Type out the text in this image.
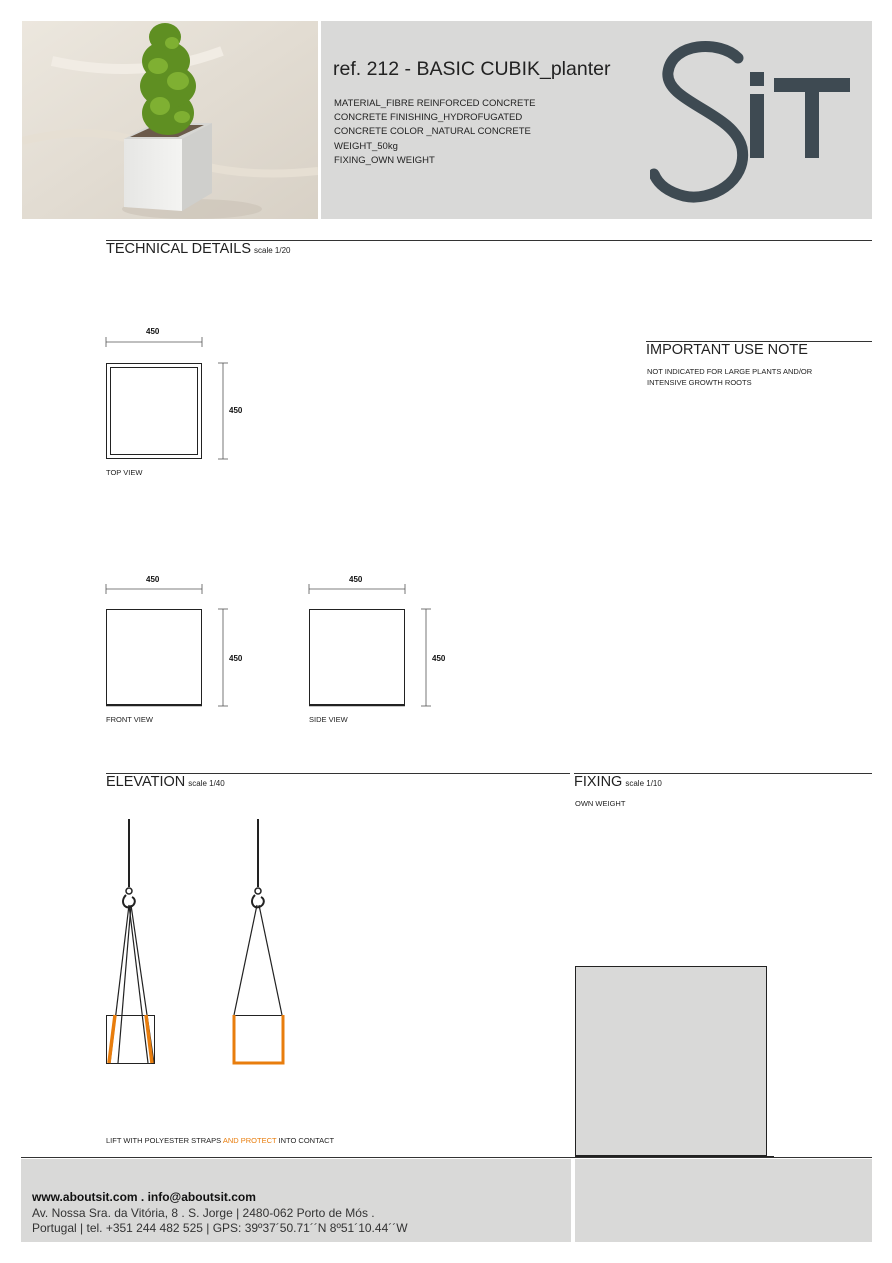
ref. 212 - BASIC CUBIK_planter
MATERIAL_FIBRE REINFORCED CONCRETE
CONCRETE FINISHING_HYDROFUGATED
CONCRETE COLOR _NATURAL CONCRETE
WEIGHT_50kg
FIXING_OWN WEIGHT
TECHNICAL DETAILS scale 1/20
450
450
TOP VIEW
450
450
FRONT VIEW
450
450
SIDE VIEW
IMPORTANT USE NOTE
NOT INDICATED FOR LARGE PLANTS AND/OR
INTENSIVE GROWTH ROOTS
ELEVATION scale 1/40
LIFT WITH POLYESTER STRAPS AND PROTECT INTO CONTACT
FIXING scale 1/10
OWN WEIGHT
www.aboutsit.com . info@aboutsit.com
Av. Nossa Sra. da Vitória, 8 . S. Jorge | 2480-062 Porto de Mós .
Portugal | tel. +351 244 482 525 | GPS: 39º37´50.71´´N 8º51´10.44´´W
